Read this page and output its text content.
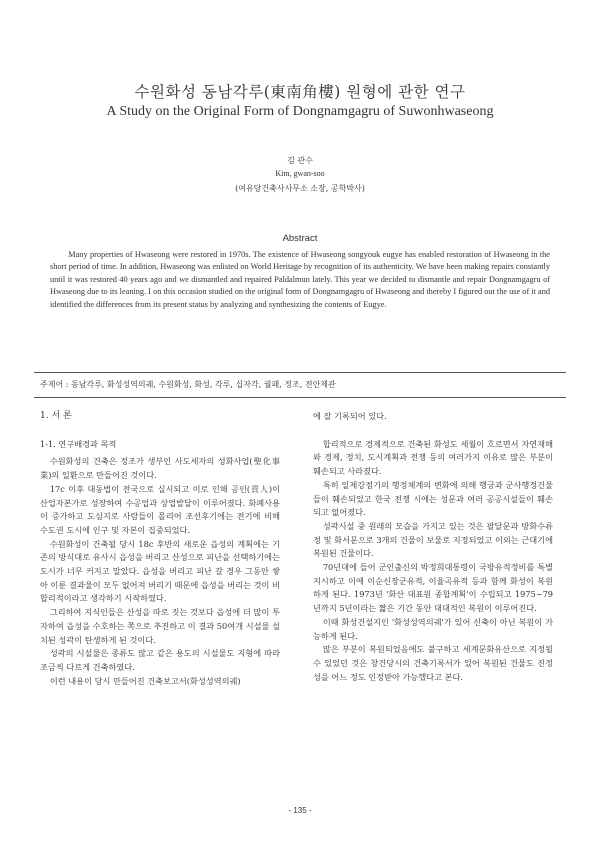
수원화성 동남각루(東南角樓) 원형에 관한 연구
A Study on the Original Form of Dongnamgagru of Suwonhwaseong
김 관수
Kim, gwan-soo
(여유당건축사사무소 소장, 공학박사)
Abstract
Many properties of Hwaseong were restored in 1970s. The existence of Hwaseong songyouk eugye has enabled restoration of Hwaseong in the short period of time. In addition, Hwaseong was enlisted on World Heritage by recognition of its authenticity. We have been making repairs constantly until it was restored 40 years ago and we dismantled and repaired Paldalmun lately. This year we decided to dismantle and repair Dongnamgagru of Hwaseong due to its leaning. I on this occasion studied on the original form of Dongnamgagru of Hwaseong and thereby I figured out the use of it and identified the differences from its present status by analyzing and synthesizing the contents of Eugye.
주제어 : 동남각루, 화성성역의궤, 수원화성, 화성, 각루, 십자각, 궐패, 정조, 전안제관

1. 서 론

1-1. 연구배경과 목적

수원화성의 건축은 정조가 생부인 사도세자의 성화사업(聖化事業)의 일환으로 만들어진 것이다.

17c 이후 대동법이 전국으로 실시되고 이로 인해 공인(貢人)이 산업자본가로 성장하여 수공업과 상업발달이 이루어졌다. 화폐사용이 증가하고 도심지로 사람들이 몰리어 조선후기에는 전기에 비해 수도권 도시에 인구 및 자본이 집중되었다.

수원화성이 건축될 당시 18c 후반의 새로운 읍성의 계획에는 기존의 방식대로 유사시 읍성을 버리고 산성으로 피난을 선택하기에는 도시가 너무 커지고 말았다. 읍성을 버리고 피난 갈 경우 그동안 쌓아 이룬 결과물이 모두 없어져 버리기 때문에 읍성을 버리는 것이 비합리적이라고 생각하기 시작하였다.

그리하여 지식인들은 산성을 따로 짓는 것보다 읍성에 더 많이 투자하여 읍성을 수호하는 쪽으로 추진하고 이 결과 50여개 시설물 설치된 성곽이 탄생하게 된 것이다.

성곽의 시설물은 종류도 많고 같은 용도의 시설물도 지형에 따라 조금씩 다르게 건축하였다.

이런 내용이 당시 만들어진 건축보고서(화성성역의궤)

에 잘 기록되어 있다.

합리적으로 경제적으로 건축된 화성도 세월이 흐르면서 자연재해와 경제, 정치, 도시계획과 전쟁 등의 여러가지 이유로 많은 부분이 훼손되고 사라졌다.

특히 일제강점기의 행정체계의 변화에 의해 행궁과 군사행정건물들이 훼손되었고 한국 전쟁 시에는 성문과 여러 공공시설들이 훼손되고 없어졌다.

성곽시설 중 원래의 모습을 가지고 있는 것은 팔달문과 방화수류정 및 화서문으로 3개의 건물이 보물로 지정되었고 이외는 근대기에 복원된 건물이다.

70년대에 들어 군인출신의 박정희대통령이 국방유적정비를 특별지시하고 이에 이순신장군유적, 이율곡유적 등과 함께 화성이 복원하게 된다. 1973년 '화산 대표원 종합계획'이 수립되고 1975~79년까지 5년이라는 짧은 기간 동안 대대적인 복원이 이루어진다.

이때 화성건설지인 '화성성역의궤'가 있어 신축이 아닌 복원이 가능하게 된다.

많은 부분이 복원되었음에도 불구하고 세계문화유산으로 지정될 수 있었던 것은 창건당시의 건축기록서가 있어 복원된 건물도 진정성을 어느 정도 인정받아 가능했다고 본다.

- 135 -
